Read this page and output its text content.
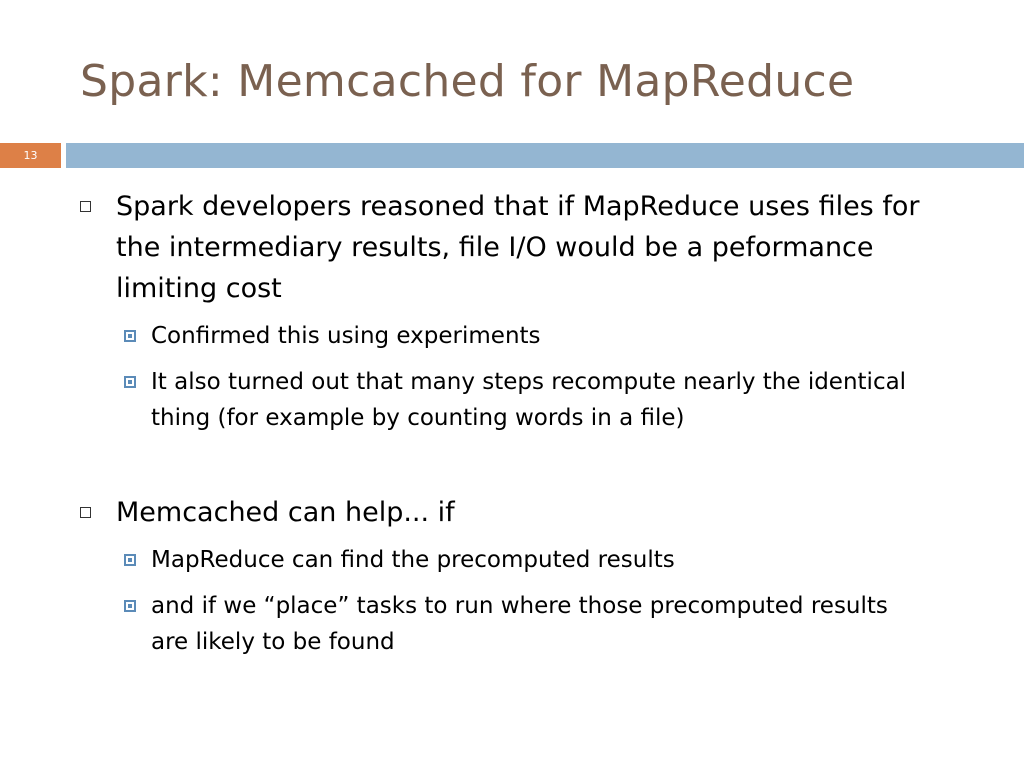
Spark: Memcached for MapReduce
13
Spark developers reasoned that if MapReduce uses files for the intermediary results, file I/O would be a peformance limiting cost
Confirmed this using experiments
It also turned out that many steps recompute nearly the identical thing (for example by counting words in a file)
Memcached can help... if
MapReduce can find the precomputed results
and if we “place” tasks to run where those precomputed results are likely to be found
